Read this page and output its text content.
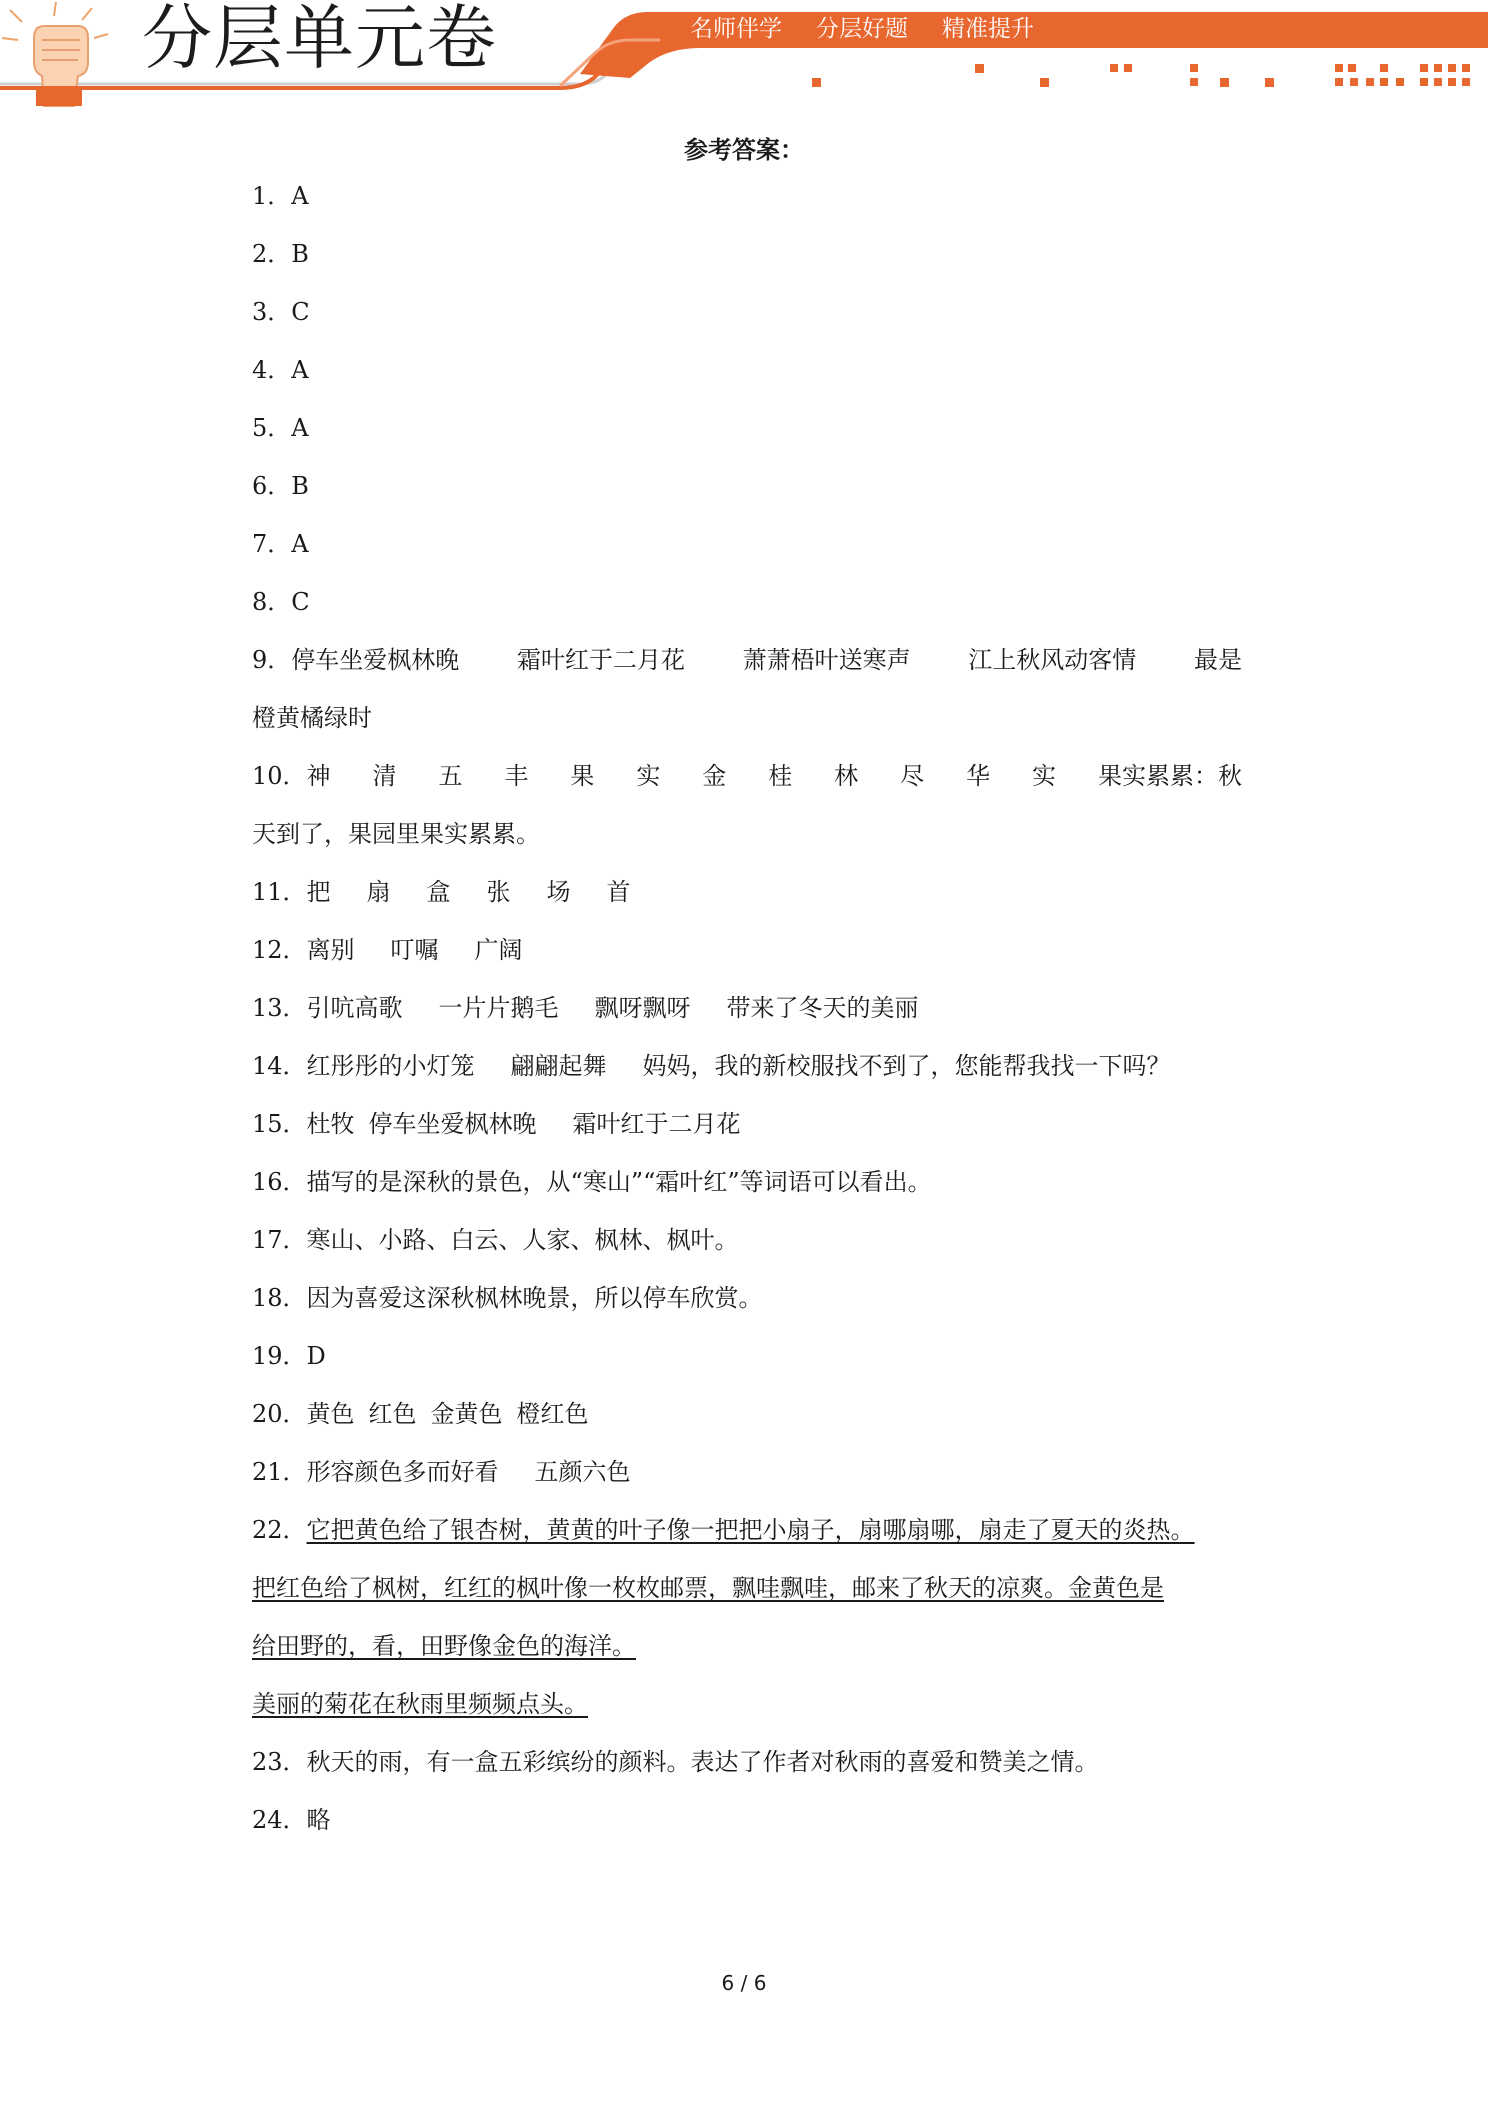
分层单元卷	名师伴学 分层好题 精准提升
参考答案：
1．A
2．B
3．C
4．A
5．A
6．B
7．A
8．C
9．停车坐爱枫林晚 霜叶红于二月花 萧萧梧叶送寒声 江上秋风动客情 最是
橙黄橘绿时
10．神 清 五 丰 果 实 金 桂 林 尽 华 实 果实累累：秋
天到了，果园里果实累累。
11．把 扇 盒 张 场 首
12．离别 叮嘱 广阔
13．引吭高歌 一片片鹅毛 飘呀飘呀 带来了冬天的美丽
14．红彤彤的小灯笼 翩翩起舞 妈妈，我的新校服找不到了，您能帮我找一下吗？
15．杜牧 停车坐爱枫林晚 霜叶红于二月花
16．描写的是深秋的景色，从“寒山”“霜叶红”等词语可以看出。
17．寒山、小路、白云、人家、枫林、枫叶。
18．因为喜爱这深秋枫林晚景，所以停车欣赏。
19．D
20．黄色 红色 金黄色 橙红色
21．形容颜色多而好看 五颜六色
22．它把黄色给了银杏树，黄黄的叶子像一把把小扇子，扇哪扇哪，扇走了夏天的炎热。
把红色给了枫树，红红的枫叶像一枚枚邮票，飘哇飘哇，邮来了秋天的凉爽。金黄色是
给田野的，看，田野像金色的海洋。
美丽的菊花在秋雨里频频点头。
23．秋天的雨，有一盒五彩缤纷的颜料。表达了作者对秋雨的喜爱和赞美之情。
24．略
6 / 6
